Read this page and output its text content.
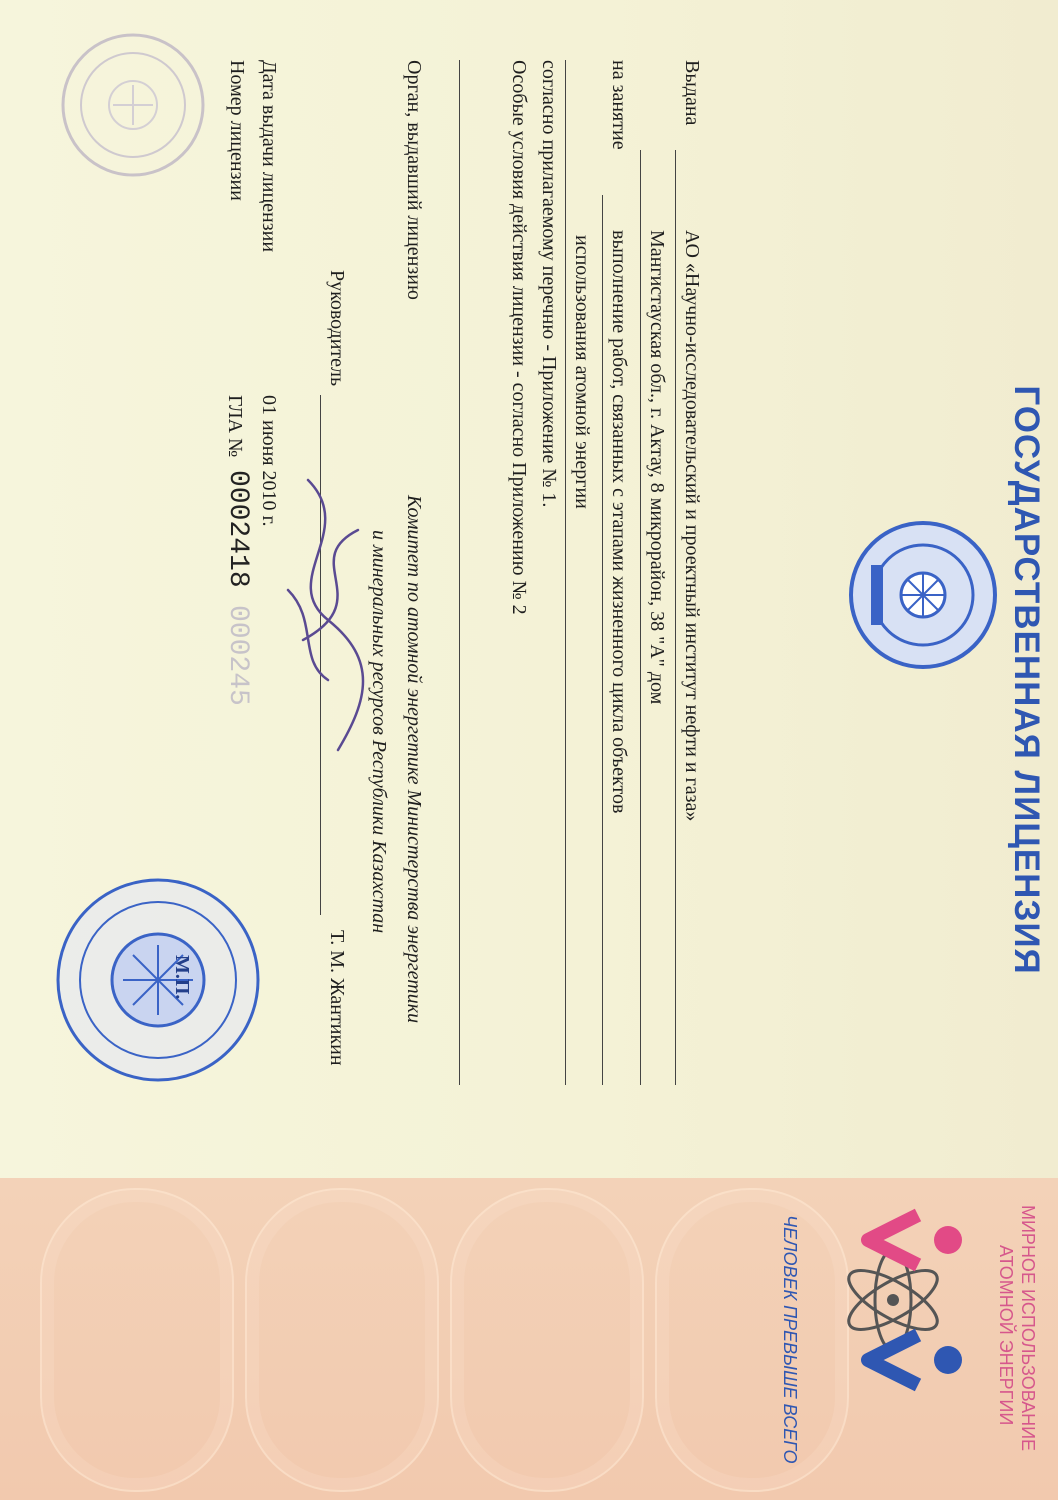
ГОСУДАРСТВЕННАЯ ЛИЦЕНЗИЯ
Выдана
АО «Научно-исследовательский и проектный институт нефти и газа»
Мангистауская обл., г. Актау, 8 микрорайон, 38 "А" дом
на занятие
выполнение работ, связанных с этапами жизненного цикла объектов
использования атомной энергии
согласно прилагаемому перечню - Приложение № 1.
Особые условия действия лицензии - согласно Приложению № 2
Орган, выдавший лицензию
Комитет по атомной энергетике Министерства энергетики
и минеральных ресурсов Республики Казахстан
Руководитель
Т. М. Жантикин
Дата выдачи лицензии
01 июня 2010 г.
Номер лицензии
ГЛА №
0002418
000245
М.П.
МИРНОЕ ИСПОЛЬЗОВАНИЕ
АТОМНОЙ ЭНЕРГИИ
ЧЕЛОВЕК ПРЕВЫШЕ ВСЕГО
